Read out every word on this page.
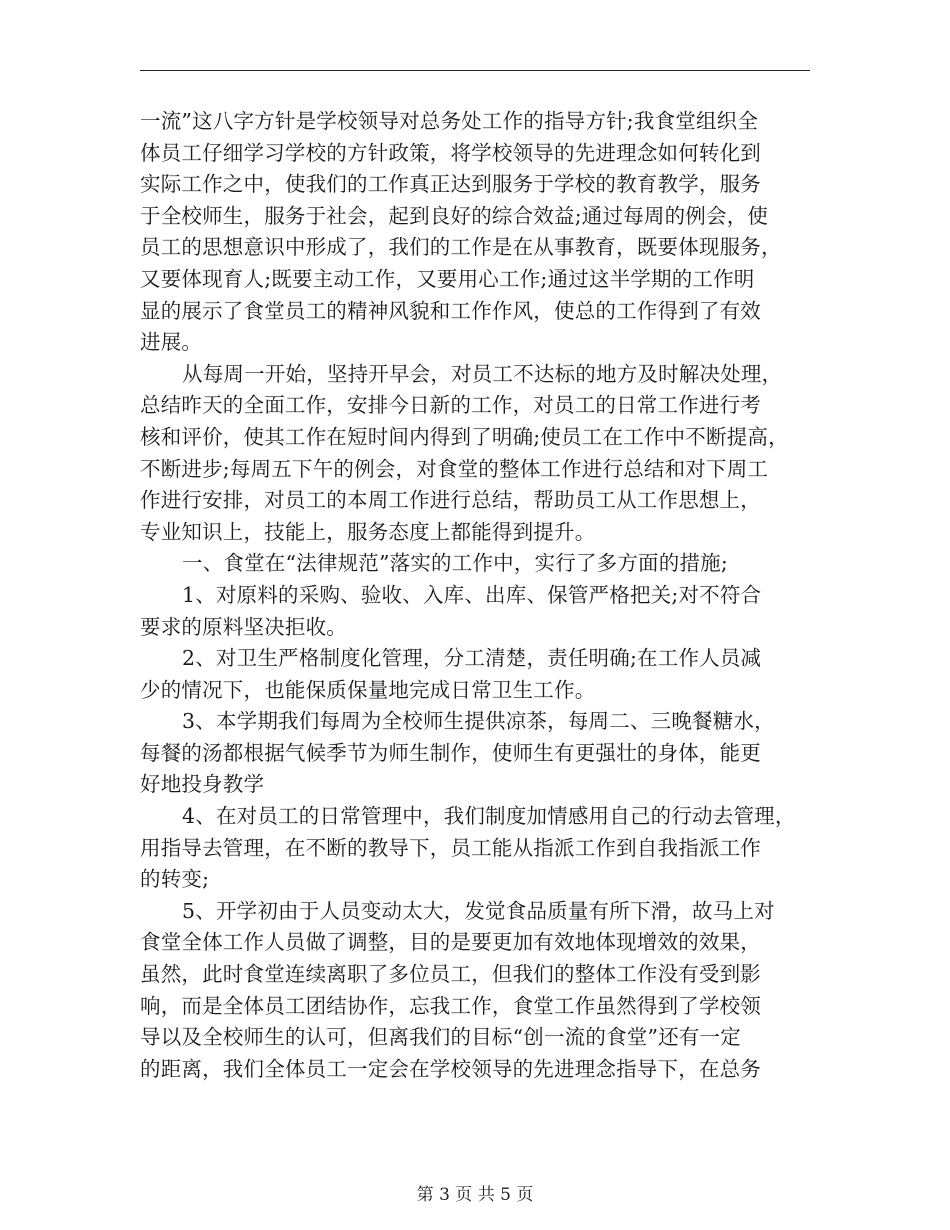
一流”这八字方针是学校领导对总务处工作的指导方针;我食堂组织全
体员工仔细学习学校的方针政策，将学校领导的先进理念如何转化到
实际工作之中，使我们的工作真正达到服务于学校的教育教学，服务
于全校师生，服务于社会，起到良好的综合效益;通过每周的例会，使
员工的思想意识中形成了，我们的工作是在从事教育，既要体现服务，
又要体现育人;既要主动工作，又要用心工作;通过这半学期的工作明
显的展示了食堂员工的精神风貌和工作作风，使总的工作得到了有效
进展。
从每周一开始，坚持开早会，对员工不达标的地方及时解决处理，
总结昨天的全面工作，安排今日新的工作，对员工的日常工作进行考
核和评价，使其工作在短时间内得到了明确;使员工在工作中不断提高，
不断进步;每周五下午的例会，对食堂的整体工作进行总结和对下周工
作进行安排，对员工的本周工作进行总结，帮助员工从工作思想上，
专业知识上，技能上，服务态度上都能得到提升。
一、食堂在“法律规范”落实的工作中，实行了多方面的措施;
1、对原料的采购、验收、入库、出库、保管严格把关;对不符合
要求的原料坚决拒收。
2、对卫生严格制度化管理，分工清楚，责任明确;在工作人员减
少的情况下，也能保质保量地完成日常卫生工作。
3、本学期我们每周为全校师生提供凉茶，每周二、三晚餐糖水，
每餐的汤都根据气候季节为师生制作，使师生有更强壮的身体，能更
好地投身教学
4、在对员工的日常管理中，我们制度加情感用自己的行动去管理，
用指导去管理，在不断的教导下，员工能从指派工作到自我指派工作
的转变;
5、开学初由于人员变动太大，发觉食品质量有所下滑，故马上对
食堂全体工作人员做了调整，目的是要更加有效地体现增效的效果，
虽然，此时食堂连续离职了多位员工，但我们的整体工作没有受到影
响，而是全体员工团结协作，忘我工作，食堂工作虽然得到了学校领
导以及全校师生的认可，但离我们的目标“创一流的食堂”还有一定
的距离，我们全体员工一定会在学校领导的先进理念指导下，在总务
第 3 页 共 5 页
